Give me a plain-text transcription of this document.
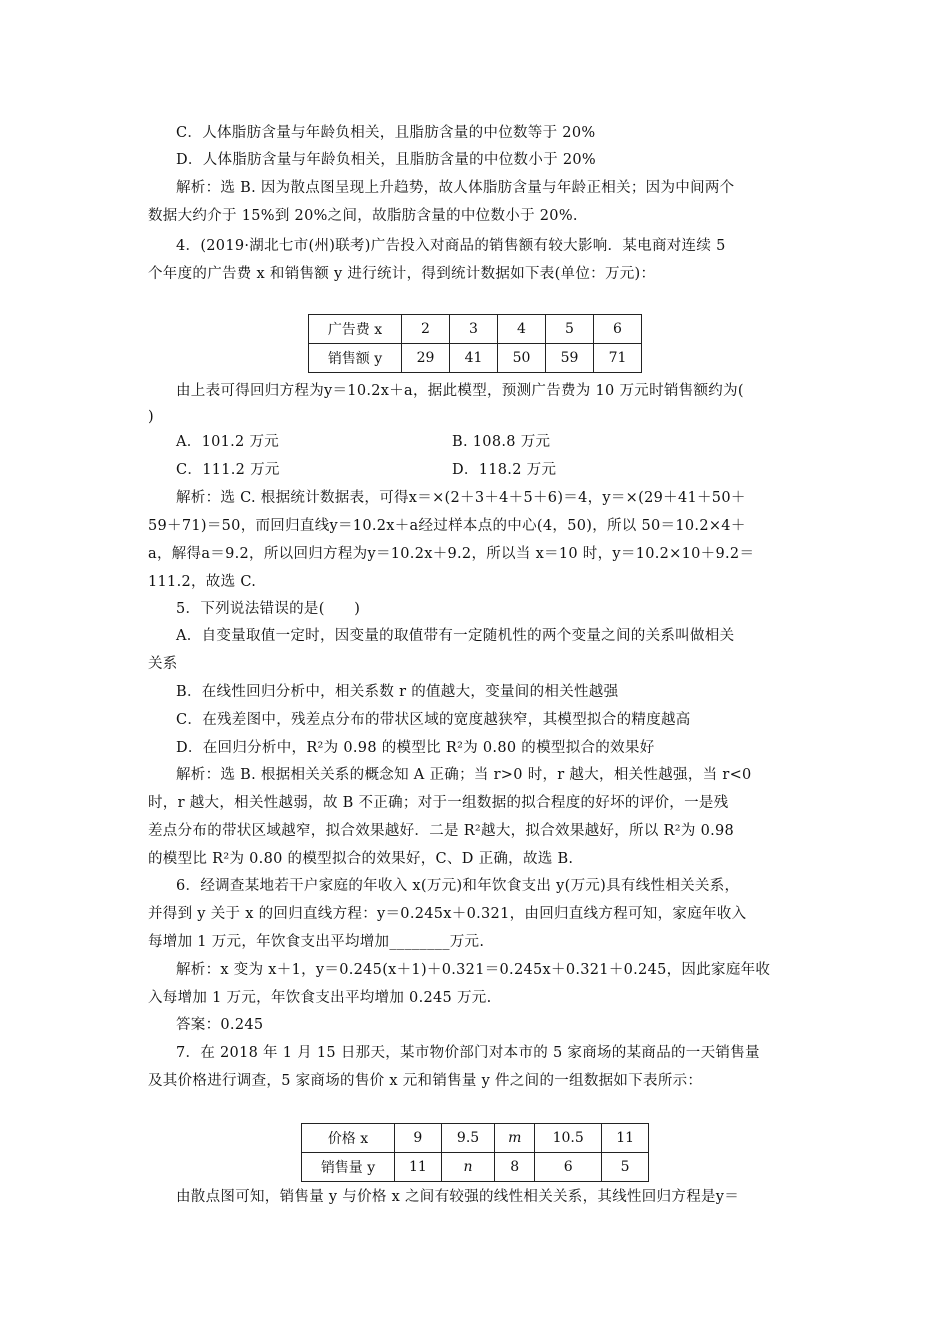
C．人体脂肪含量与年龄负相关，且脂肪含量的中位数等于 20%
D．人体脂肪含量与年龄负相关，且脂肪含量的中位数小于 20%
解析：选 B. 因为散点图呈现上升趋势，故人体脂肪含量与年龄正相关；因为中间两个
数据大约介于 15%到 20%之间，故脂肪含量的中位数小于 20%.
4．(2019·湖北七市(州)联考)广告投入对商品的销售额有较大影响．某电商对连续 5
个年度的广告费 x 和销售额 y 进行统计，得到统计数据如下表(单位：万元)：
广告费 x	2	3	4	5	6
销售额 y	29	41	50	59	71
由上表可得回归方程为y＝10.2x＋a，据此模型，预测广告费为 10 万元时销售额约为(
)
A．101.2 万元	B. 108.8 万元
C．111.2 万元	D．118.2 万元
解析：选 C. 根据统计数据表，可得x＝×(2＋3＋4＋5＋6)＝4，y＝×(29＋41＋50＋
59＋71)＝50，而回归直线y＝10.2x＋a经过样本点的中心(4，50)，所以 50＝10.2×4＋
a，解得a＝9.2，所以回归方程为y＝10.2x＋9.2，所以当 x＝10 时，y＝10.2×10＋9.2＝
111.2，故选 C.
5．下列说法错误的是(　　)
A．自变量取值一定时，因变量的取值带有一定随机性的两个变量之间的关系叫做相关
关系
B．在线性回归分析中，相关系数 r 的值越大，变量间的相关性越强
C．在残差图中，残差点分布的带状区域的宽度越狭窄，其模型拟合的精度越高
D．在回归分析中，R²为 0.98 的模型比 R²为 0.80 的模型拟合的效果好
解析：选 B. 根据相关关系的概念知 A 正确；当 r>0 时，r 越大，相关性越强，当 r<0
时，r 越大，相关性越弱，故 B 不正确；对于一组数据的拟合程度的好坏的评价，一是残
差点分布的带状区域越窄，拟合效果越好．二是 R²越大，拟合效果越好，所以 R²为 0.98
的模型比 R²为 0.80 的模型拟合的效果好，C、D 正确，故选 B.
6．经调查某地若干户家庭的年收入 x(万元)和年饮食支出 y(万元)具有线性相关关系，
并得到 y 关于 x 的回归直线方程：y＝0.245x＋0.321，由回归直线方程可知，家庭年收入
每增加 1 万元，年饮食支出平均增加________万元.
解析：x 变为 x＋1，y＝0.245(x＋1)＋0.321＝0.245x＋0.321＋0.245，因此家庭年收
入每增加 1 万元，年饮食支出平均增加 0.245 万元.
答案：0.245
7．在 2018 年 1 月 15 日那天，某市物价部门对本市的 5 家商场的某商品的一天销售量
及其价格进行调查，5 家商场的售价 x 元和销售量 y 件之间的一组数据如下表所示：
价格 x	9	9.5	m	10.5	11
销售量 y	11	n	8	6	5
由散点图可知，销售量 y 与价格 x 之间有较强的线性相关关系，其线性回归方程是y＝
